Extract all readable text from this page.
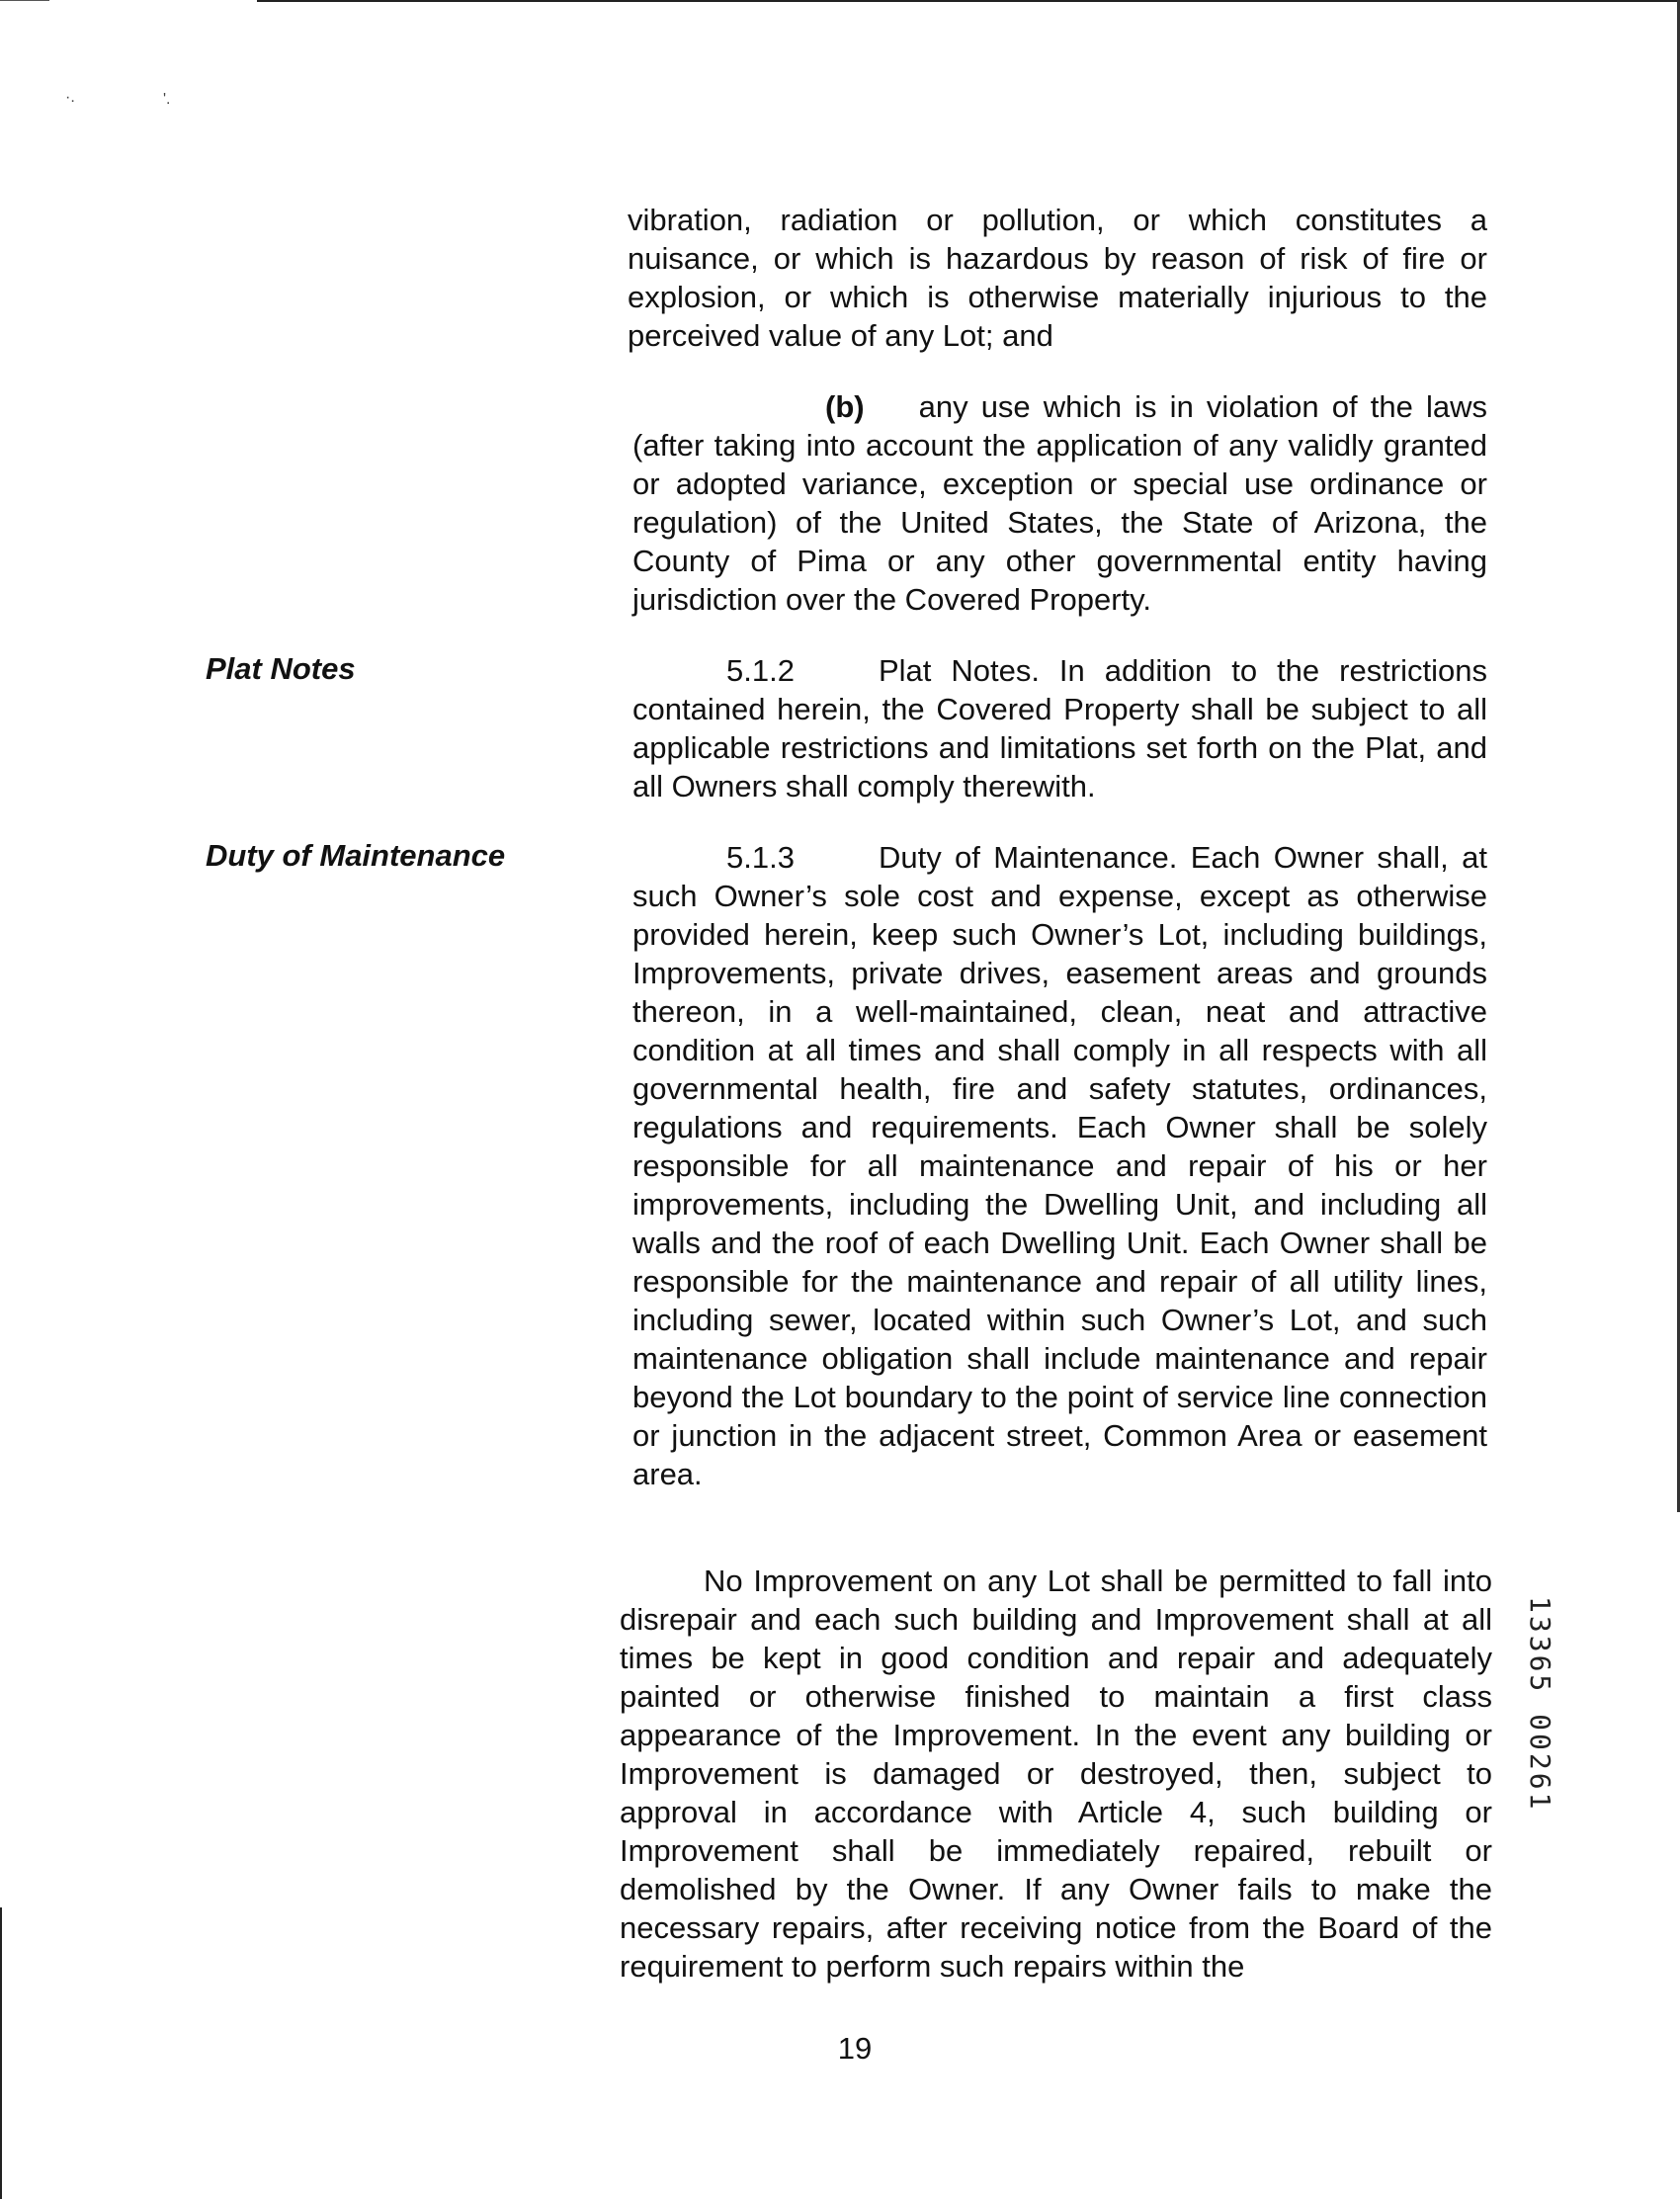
·.	'.

vibration, radiation or pollution, or which constitutes a nuisance, or which is hazardous by reason of risk of fire or explosion, or which is otherwise materially injurious to the perceived value of any Lot; and

(b) any use which is in violation of the laws (after taking into account the application of any validly granted or adopted variance, exception or special use ordinance or regulation) of the United States, the State of Arizona, the County of Pima or any other governmental entity having jurisdiction over the Covered Property.

Plat Notes	5.1.2	Plat Notes. In addition to the restrictions contained herein, the Covered Property shall be subject to all applicable restrictions and limitations set forth on the Plat, and all Owners shall comply therewith.

Duty of Maintenance	5.1.3	Duty of Maintenance. Each Owner shall, at such Owner’s sole cost and expense, except as otherwise provided herein, keep such Owner’s Lot, including buildings, Improvements, private drives, easement areas and grounds thereon, in a well-maintained, clean, neat and attractive condition at all times and shall comply in all respects with all governmental health, fire and safety statutes, ordinances, regulations and requirements. Each Owner shall be solely responsible for all maintenance and repair of his or her improvements, including the Dwelling Unit, and including all walls and the roof of each Dwelling Unit. Each Owner shall be responsible for the maintenance and repair of all utility lines, including sewer, located within such Owner’s Lot, and such maintenance obligation shall include maintenance and repair beyond the Lot boundary to the point of service line connection or junction in the adjacent street, Common Area or easement area.

No Improvement on any Lot shall be permitted to fall into disrepair and each such building and Improvement shall at all times be kept in good condition and repair and adequately painted or otherwise finished to maintain a first class appearance of the Improvement. In the event any building or Improvement is damaged or destroyed, then, subject to approval in accordance with Article 4, such building or Improvement shall be immediately repaired, rebuilt or demolished by the Owner. If any Owner fails to make the necessary repairs, after receiving notice from the Board of the requirement to perform such repairs within the

13365 00261
19
